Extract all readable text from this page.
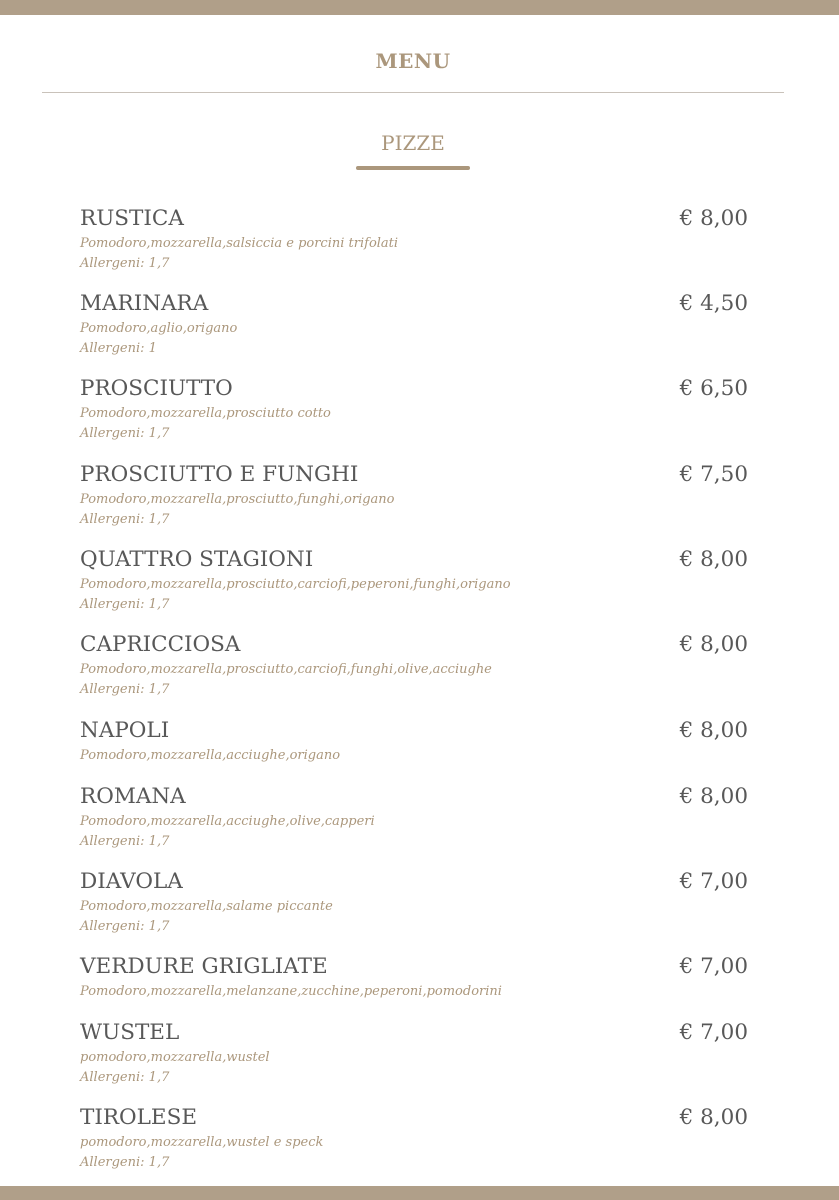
MENU
PIZZE
RUSTICA	€ 8,00
Pomodoro,mozzarella,salsiccia e porcini trifolati
Allergeni: 1,7
MARINARA	€ 4,50
Pomodoro,aglio,origano
Allergeni: 1
PROSCIUTTO	€ 6,50
Pomodoro,mozzarella,prosciutto cotto
Allergeni: 1,7
PROSCIUTTO E FUNGHI	€ 7,50
Pomodoro,mozzarella,prosciutto,funghi,origano
Allergeni: 1,7
QUATTRO STAGIONI	€ 8,00
Pomodoro,mozzarella,prosciutto,carciofi,peperoni,funghi,origano
Allergeni: 1,7
CAPRICCIOSA	€ 8,00
Pomodoro,mozzarella,prosciutto,carciofi,funghi,olive,acciughe
Allergeni: 1,7
NAPOLI	€ 8,00
Pomodoro,mozzarella,acciughe,origano
ROMANA	€ 8,00
Pomodoro,mozzarella,acciughe,olive,capperi
Allergeni: 1,7
DIAVOLA	€ 7,00
Pomodoro,mozzarella,salame piccante
Allergeni: 1,7
VERDURE GRIGLIATE	€ 7,00
Pomodoro,mozzarella,melanzane,zucchine,peperoni,pomodorini
WUSTEL	€ 7,00
pomodoro,mozzarella,wustel
Allergeni: 1,7
TIROLESE	€ 8,00
pomodoro,mozzarella,wustel e speck
Allergeni: 1,7
